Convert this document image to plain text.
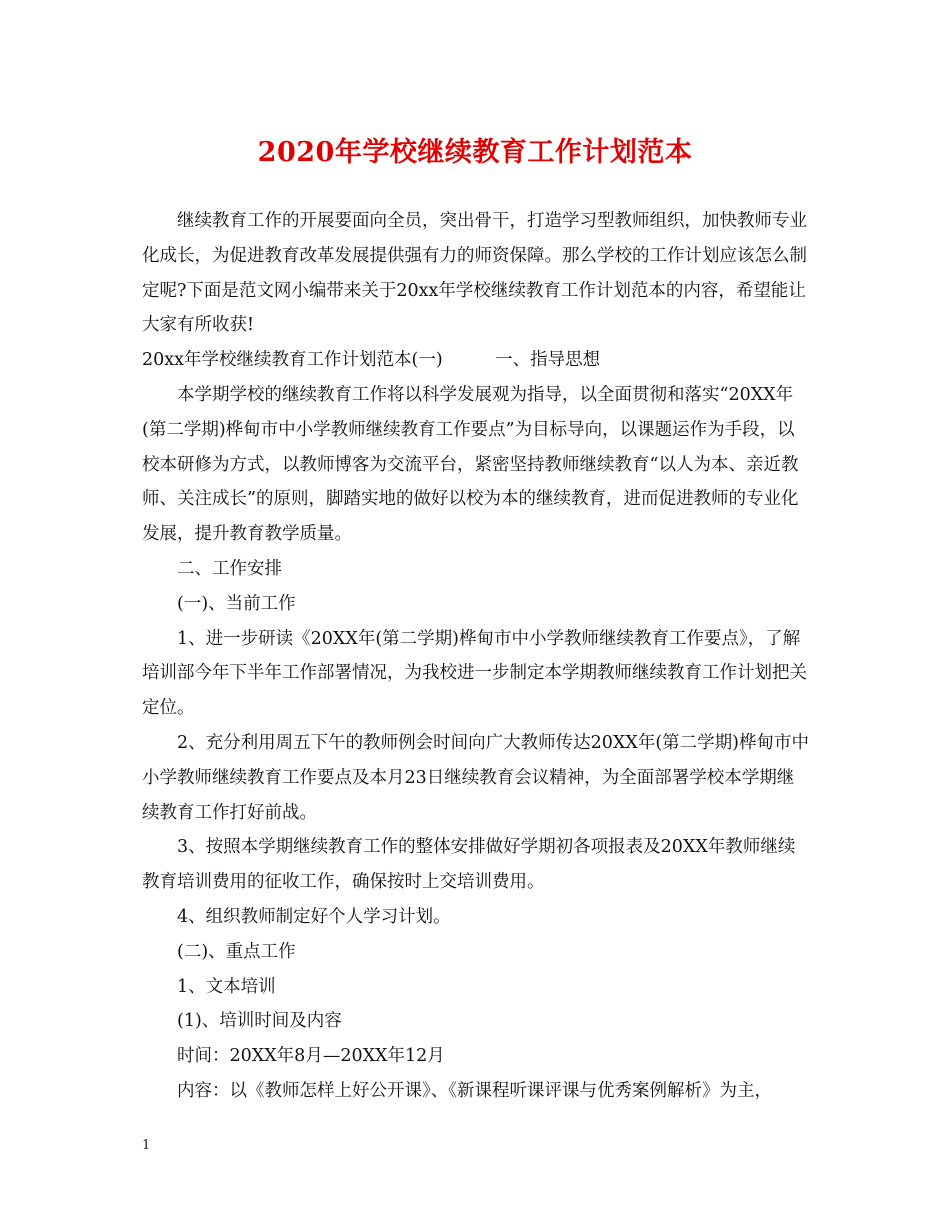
2020年学校继续教育工作计划范本

继续教育工作的开展要面向全员，突出骨干，打造学习型教师组织，加快教师专业化成长，为促进教育改革发展提供强有力的师资保障。那么学校的工作计划应该怎么制定呢?下面是范文网小编带来关于20xx年学校继续教育工作计划范本的内容，希望能让大家有所收获!

20xx年学校继续教育工作计划范本(一)　　　一、指导思想

本学期学校的继续教育工作将以科学发展观为指导，以全面贯彻和落实“20XX年(第二学期)桦甸市中小学教师继续教育工作要点”为目标导向，以课题运作为手段，以校本研修为方式，以教师博客为交流平台，紧密坚持教师继续教育“以人为本、亲近教师、关注成长”的原则，脚踏实地的做好以校为本的继续教育，进而促进教师的专业化发展，提升教育教学质量。

二、工作安排

(一)、当前工作

1、进一步研读《20XX年(第二学期)桦甸市中小学教师继续教育工作要点》，了解培训部今年下半年工作部署情况，为我校进一步制定本学期教师继续教育工作计划把关定位。

2、充分利用周五下午的教师例会时间向广大教师传达20XX年(第二学期)桦甸市中小学教师继续教育工作要点及本月23日继续教育会议精神，为全面部署学校本学期继续教育工作打好前战。

3、按照本学期继续教育工作的整体安排做好学期初各项报表及20XX年教师继续教育培训费用的征收工作，确保按时上交培训费用。

4、组织教师制定好个人学习计划。

(二)、重点工作

1、文本培训

(1)、培训时间及内容

时间：20XX年8月—20XX年12月

内容：以《教师怎样上好公开课》、《新课程听课评课与优秀案例解析》为主，

1
